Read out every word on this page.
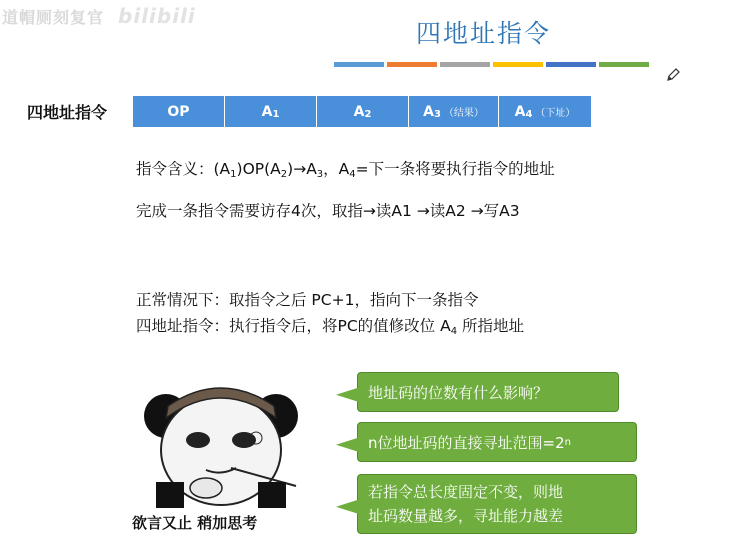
道帽厕刻复官 bilibili
四地址指令
四地址指令	OP	$A_1$	$A_2$	$A_3$ （结果） $A_4$ （下址）
指令含义：$(A_1)OP(A_2)\to A_3$，$A_4=$下一条将要执行指令的地址
完成一条指令需要访存4次，取指→读A1 →读A2 →写A3
正常情况下：取指令之后 PC+1，指向下一条指令
四地址指令：执行指令后，将PC的值修改位 $A_4$ 所指地址
欲言又止 稍加思考
地址码的位数有什么影响？
n位地址码的直接寻址范围=2 n
若指令总长度固定不变，则地
址码数量越多，寻址能力越差
